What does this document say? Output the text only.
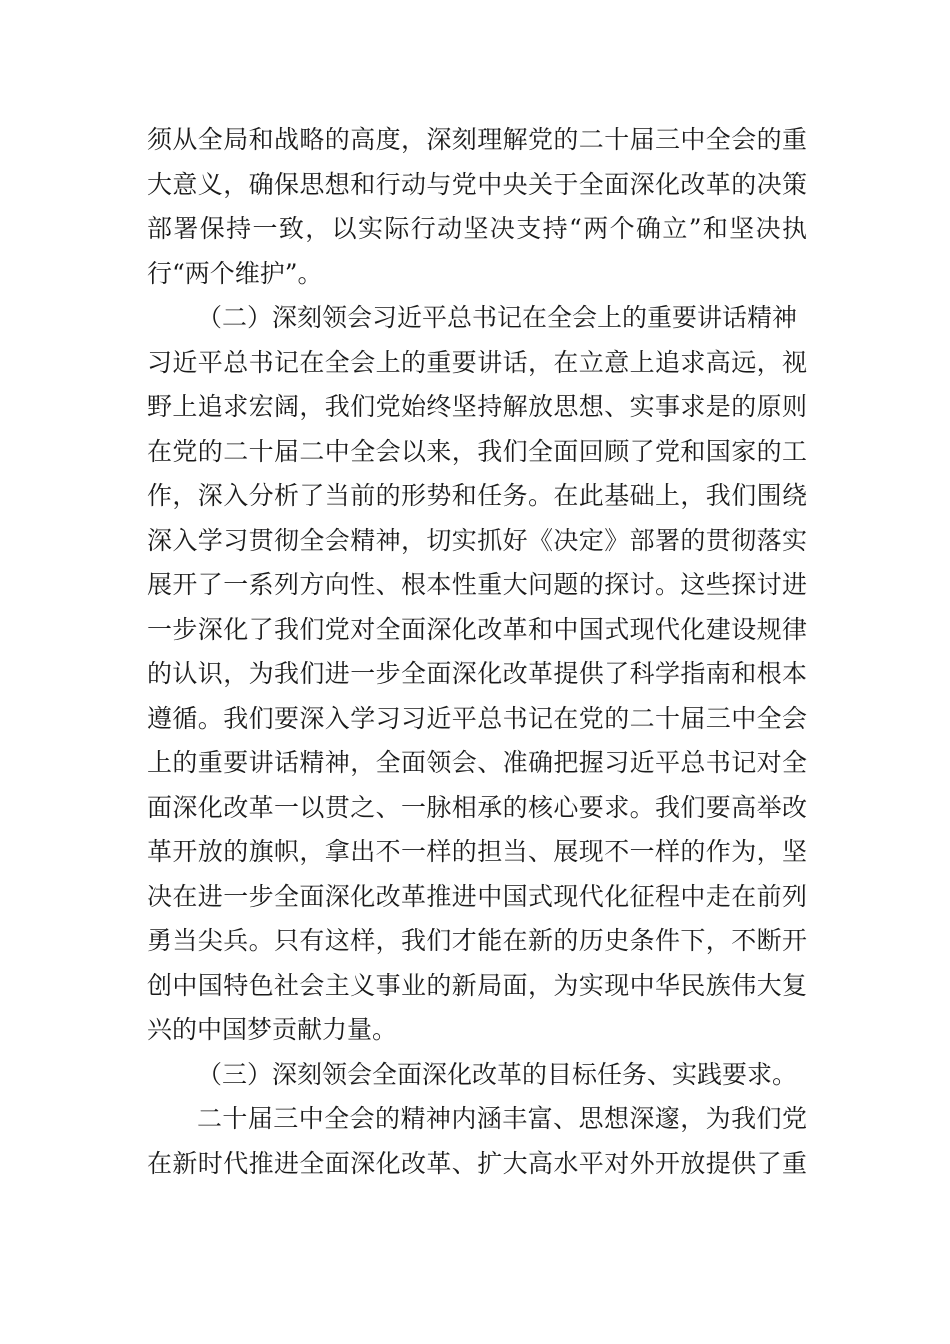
须从全局和战略的高度，深刻理解党的二十届三中全会的重
大意义，确保思想和行动与党中央关于全面深化改革的决策
部署保持一致，以实际行动坚决支持“两个确立”和坚决执
行“两个维护”。
（二）深刻领会习近平总书记在全会上的重要讲话精神
习近平总书记在全会上的重要讲话，在立意上追求高远，视
野上追求宏阔，我们党始终坚持解放思想、实事求是的原则
在党的二十届二中全会以来，我们全面回顾了党和国家的工
作，深入分析了当前的形势和任务。在此基础上，我们围绕
深入学习贯彻全会精神，切实抓好《决定》部署的贯彻落实
展开了一系列方向性、根本性重大问题的探讨。这些探讨进
一步深化了我们党对全面深化改革和中国式现代化建设规律
的认识，为我们进一步全面深化改革提供了科学指南和根本
遵循。我们要深入学习习近平总书记在党的二十届三中全会
上的重要讲话精神，全面领会、准确把握习近平总书记对全
面深化改革一以贯之、一脉相承的核心要求。我们要高举改
革开放的旗帜，拿出不一样的担当、展现不一样的作为，坚
决在进一步全面深化改革推进中国式现代化征程中走在前列
勇当尖兵。只有这样，我们才能在新的历史条件下，不断开
创中国特色社会主义事业的新局面，为实现中华民族伟大复
兴的中国梦贡献力量。
（三）深刻领会全面深化改革的目标任务、实践要求。
二十届三中全会的精神内涵丰富、思想深邃，为我们党
在新时代推进全面深化改革、扩大高水平对外开放提供了重
